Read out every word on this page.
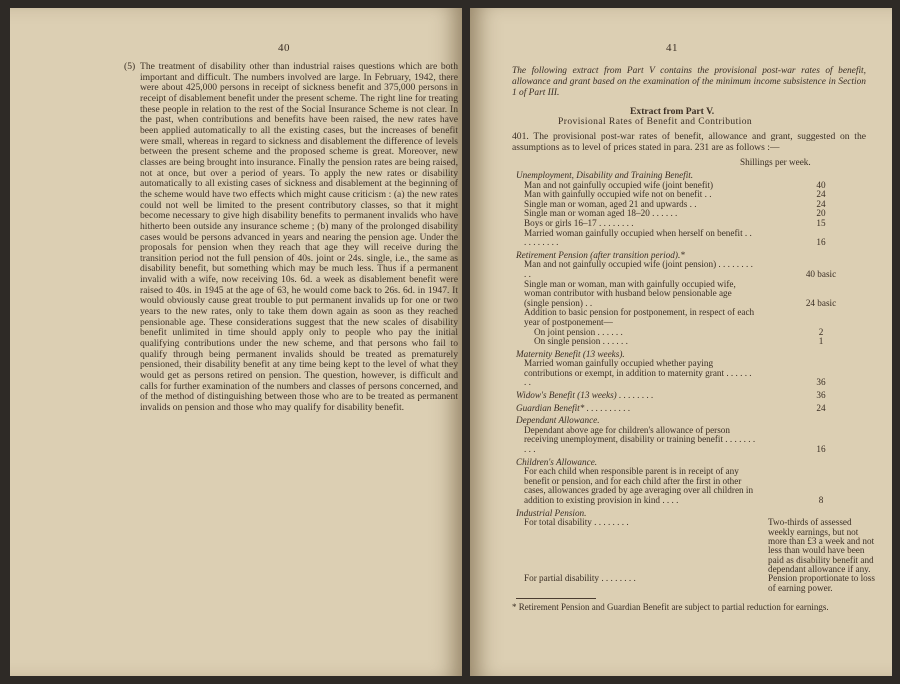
40
(5) The treatment of disability other than industrial raises questions which are both important and difficult. The numbers involved are large. In February, 1942, there were about 425,000 persons in receipt of sickness benefit and 375,000 persons in receipt of disablement benefit under the present scheme. The right line for treating these people in relation to the rest of the Social Insurance Scheme is not clear. In the past, when contributions and benefits have been raised, the new rates have been applied automatically to all the existing cases, but the increases of benefit were small, whereas in regard to sickness and disablement the difference of levels between the present scheme and the proposed scheme is great. Moreover, new classes are being brought into insurance. Finally the pension rates are being raised, not at once, but over a period of years. To apply the new rates or disability automatically to all existing cases of sickness and disablement at the beginning of the scheme would have two effects which might cause criticism : (a) the new rates could not well be limited to the present contributory classes, so that it might become necessary to give high disability benefits to permanent invalids who have hitherto been outside any insurance scheme ; (b) many of the prolonged disability cases would be persons advanced in years and nearing the pension age. Under the proposals for pension when they reach that age they will receive during the transition period not the full pension of 40s. joint or 24s. single, i.e., the same as disability benefit, but something which may be much less. Thus if a permanent invalid with a wife, now receiving 10s. 6d. a week as disablement benefit were raised to 40s. in 1945 at the age of 63, he would come back to 26s. 6d. in 1947. It would obviously cause great trouble to put permanent invalids up for one or two years to the new rates, only to take them down again as soon as they reached pensionable age. These considerations suggest that the new scales of disability benefit unlimited in time should apply only to people who pay the initial qualifying contributions under the new scheme, and that persons who fail to qualify through being permanent invalids should be treated as prematurely pensioned, their disability benefit at any time being kept to the level of what they would get as persons retired on pension. The question, however, is difficult and calls for further examination of the numbers and classes of persons concerned, and of the method of distinguishing between those who are to be treated as permanent invalids on pension and those who may qualify for disability benefit.
41
The following extract from Part V contains the provisional post-war rates of benefit, allowance and grant based on the examination of the minimum income subsistence in Section 1 of Part III.
Extract from Part V.
Provisional Rates of Benefit and Contribution
401. The provisional post-war rates of benefit, allowance and grant, suggested on the assumptions as to level of prices stated in para. 231 are as follows :—
Shillings per week.
Unemployment, Disability and Training Benefit.
Man and not gainfully occupied wife (joint benefit)	40
Man with gainfully occupied wife not on benefit . .	24
Single man or woman, aged 21 and upwards . .	24
Single man or woman aged 18–20 . . . . . .	20
Boys or girls 16–17 . . . . . . . .	15
Married woman gainfully occupied when herself on benefit . . . . . . . . . .	16
Retirement Pension (after transition period).*
Man and not gainfully occupied wife (joint pension) . . . . . . . . . .	40 basic
Single man or woman, man with gainfully occupied wife, woman contributor with husband below pensionable age (single pension) . .	24 basic
Addition to basic pension for postponement, in respect of each year of postponement—
On joint pension . . . . . .	2
On single pension . . . . . .	1
Maternity Benefit (13 weeks).
Married woman gainfully occupied whether paying contributions or exempt, in addition to maternity grant . . . . . . . .	36
Widow's Benefit (13 weeks) . . . . . . . .	36
Guardian Benefit* . . . . . . . . . .	24
Dependant Allowance.
Dependant above age for children's allowance of person receiving unemployment, disability or training benefit . . . . . . . . . .	16
Children's Allowance.
For each child when responsible parent is in receipt of any benefit or pension, and for each child after the first in other cases, allowances graded by age averaging over all children in addition to existing provision in kind . . . .	8
Industrial Pension.
For total disability . . . . . . . .	Two-thirds of assessed weekly earnings, but not more than £3 a week and not less than would have been paid as disability benefit and dependant allowance if any.
For partial disability . . . . . . . .	Pension proportionate to loss of earning power.
* Retirement Pension and Guardian Benefit are subject to partial reduction for earnings.
